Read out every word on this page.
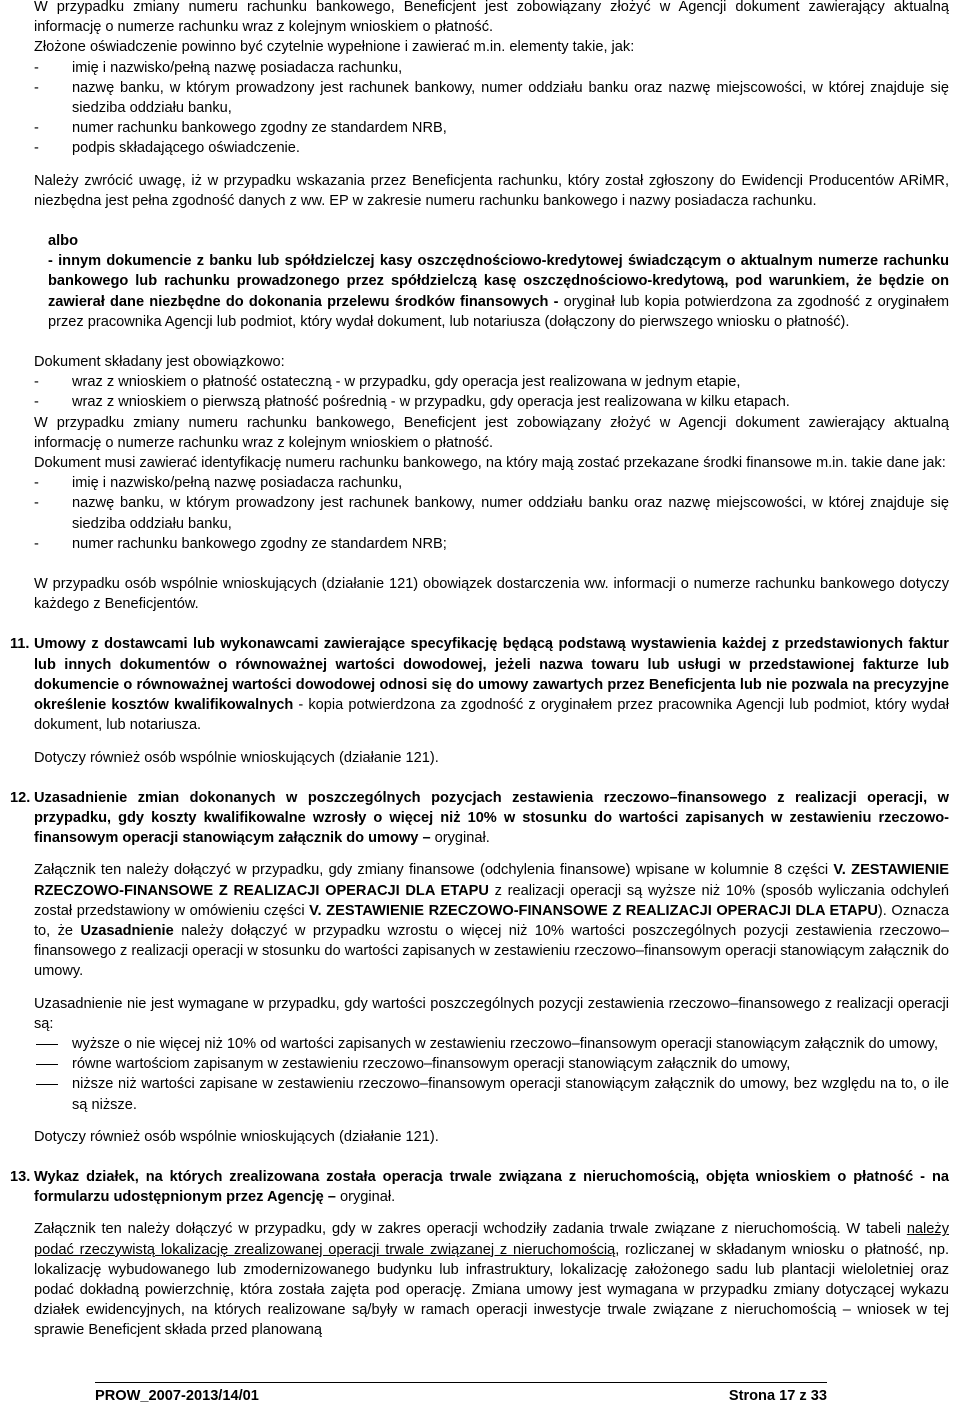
W przypadku zmiany numeru rachunku bankowego, Beneficjent jest zobowiązany złożyć w Agencji dokument zawierający aktualną informację o numerze rachunku wraz z kolejnym wnioskiem o płatność.

Złożone oświadczenie powinno być czytelnie wypełnione i zawierać m.in. elementy takie, jak:

- imię i nazwisko/pełną nazwę posiadacza rachunku,
- nazwę banku, w którym prowadzony jest rachunek bankowy, numer oddziału banku oraz nazwę miejscowości, w której znajduje się siedziba oddziału banku,
- numer rachunku bankowego zgodny ze standardem NRB,
- podpis składającego oświadczenie.

Należy zwrócić uwagę, iż w przypadku wskazania przez Beneficjenta rachunku, który został zgłoszony do Ewidencji Producentów ARiMR, niezbędna jest pełna zgodność danych z ww. EP w zakresie numeru rachunku bankowego i nazwy posiadacza rachunku.

albo
- innym dokumencie z banku lub spółdzielczej kasy oszczędnościowo-kredytowej świadczącym o aktualnym numerze rachunku bankowego lub rachunku prowadzonego przez spółdzielczą kasę oszczędnościowo-kredytową, pod warunkiem, że będzie on zawierał dane niezbędne do dokonania przelewu środków finansowych - oryginał lub kopia potwierdzona za zgodność z oryginałem przez pracownika Agencji lub podmiot, który wydał dokument, lub notariusza (dołączony do pierwszego wniosku o płatność).

Dokument składany jest obowiązkowo:

- wraz z wnioskiem o płatność ostateczną - w przypadku, gdy operacja jest realizowana w jednym etapie,
- wraz z wnioskiem o pierwszą płatność pośrednią - w przypadku, gdy operacja jest realizowana w kilku etapach.

W przypadku zmiany numeru rachunku bankowego, Beneficjent jest zobowiązany złożyć w Agencji dokument zawierający aktualną informację o numerze rachunku wraz z kolejnym wnioskiem o płatność.

Dokument musi zawierać identyfikację numeru rachunku bankowego, na który mają zostać przekazane środki finansowe m.in. takie dane jak:

- imię i nazwisko/pełną nazwę posiadacza rachunku,
- nazwę banku, w którym prowadzony jest rachunek bankowy, numer oddziału banku oraz nazwę miejscowości, w której znajduje się siedziba oddziału banku,
- numer rachunku bankowego zgodny ze standardem NRB;

W przypadku osób wspólnie wnioskujących (działanie 121) obowiązek dostarczenia ww. informacji o numerze rachunku bankowego dotyczy każdego z Beneficjentów.

11. Umowy z dostawcami lub wykonawcami zawierające specyfikację będącą podstawą wystawienia każdej z przedstawionych faktur lub innych dokumentów o równoważnej wartości dowodowej, jeżeli nazwa towaru lub usługi w przedstawionej fakturze lub dokumencie o równoważnej wartości dowodowej odnosi się do umowy zawartych przez Beneficjenta lub nie pozwala na precyzyjne określenie kosztów kwalifikowalnych - kopia potwierdzona za zgodność z oryginałem przez pracownika Agencji lub podmiot, który wydał dokument, lub notariusza.

Dotyczy również osób wspólnie wnioskujących (działanie 121).

12. Uzasadnienie zmian dokonanych w poszczególnych pozycjach zestawienia rzeczowo–finansowego z realizacji operacji, w przypadku, gdy koszty kwalifikowalne wzrosły o więcej niż 10% w stosunku do wartości zapisanych w zestawieniu rzeczowo-finansowym operacji stanowiącym załącznik do umowy – oryginał.

Załącznik ten należy dołączyć w przypadku, gdy zmiany finansowe (odchylenia finansowe) wpisane w kolumnie 8 części V. ZESTAWIENIE RZECZOWO-FINANSOWE Z REALIZACJI OPERACJI DLA ETAPU z realizacji operacji są wyższe niż 10% (sposób wyliczania odchyleń został przedstawiony w omówieniu części V. ZESTAWIENIE RZECZOWO-FINANSOWE Z REALIZACJI OPERACJI DLA ETAPU). Oznacza to, że Uzasadnienie należy dołączyć w przypadku wzrostu o więcej niż 10% wartości poszczególnych pozycji zestawienia rzeczowo–finansowego z realizacji operacji w stosunku do wartości zapisanych w zestawieniu rzeczowo–finansowym operacji stanowiącym załącznik do umowy.

Uzasadnienie nie jest wymagane w przypadku, gdy wartości poszczególnych pozycji zestawienia rzeczowo–finansowego z realizacji operacji są:

wyższe o nie więcej niż 10% od wartości zapisanych w zestawieniu rzeczowo–finansowym operacji stanowiącym załącznik do umowy,
równe wartościom zapisanym w zestawieniu rzeczowo–finansowym operacji stanowiącym załącznik do umowy,
niższe niż wartości zapisane w zestawieniu rzeczowo–finansowym operacji stanowiącym załącznik do umowy, bez względu na to, o ile są niższe.

Dotyczy również osób wspólnie wnioskujących (działanie 121).

13. Wykaz działek, na których zrealizowana została operacja trwale związana z nieruchomością, objęta wnioskiem o płatność - na formularzu udostępnionym przez Agencję – oryginał.

Załącznik ten należy dołączyć w przypadku, gdy w zakres operacji wchodziły zadania trwale związane z nieruchomością. W tabeli należy podać rzeczywistą lokalizację zrealizowanej operacji trwale związanej z nieruchomością, rozliczanej w składanym wniosku o płatność, np. lokalizację wybudowanego lub zmodernizowanego budynku lub infrastruktury, lokalizację założonego sadu lub plantacji wieloletniej oraz podać dokładną powierzchnię, która została zajęta pod operację. Zmiana umowy jest wymagana w przypadku zmiany dotyczącej wykazu działek ewidencyjnych, na których realizowane są/były w ramach operacji inwestycje trwale związane z nieruchomością – wniosek w tej sprawie Beneficjent składa przed planowaną

PROW_2007-2013/14/01	Strona 17 z 33
